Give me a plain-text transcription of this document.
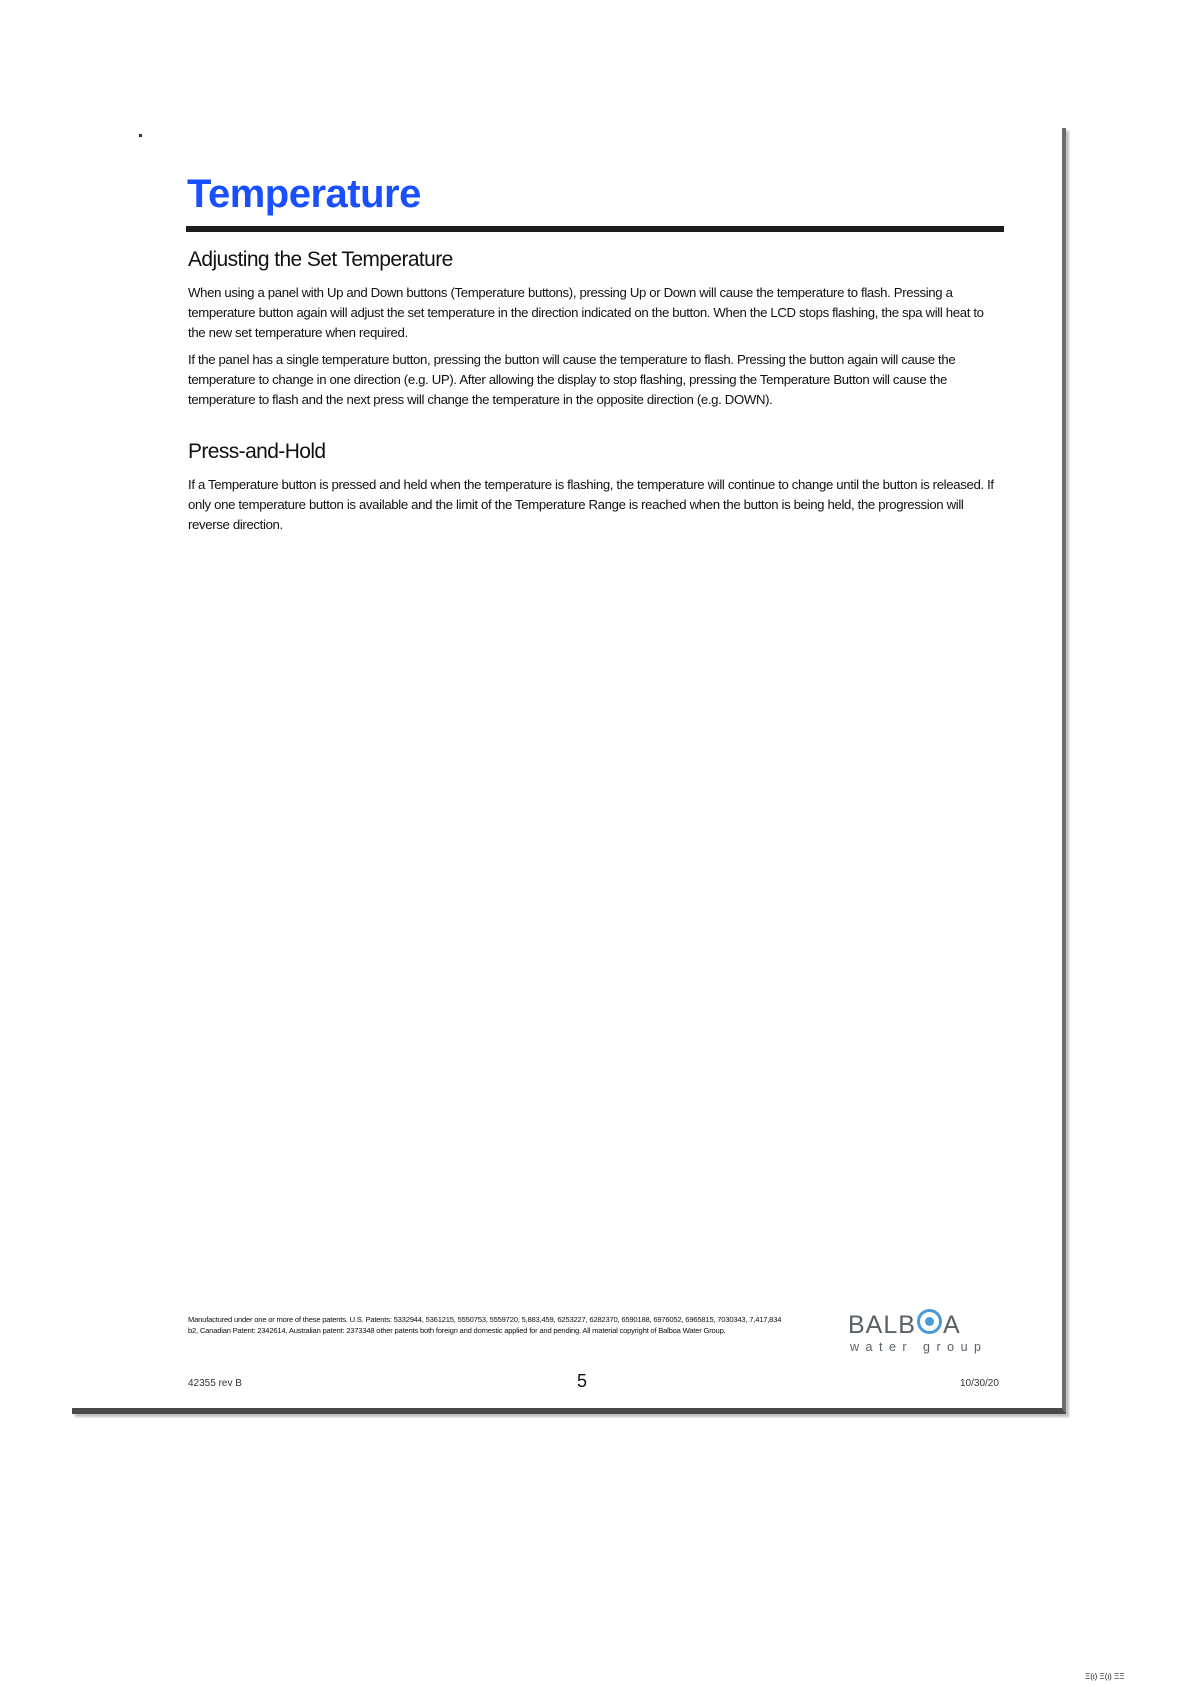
Temperature
Adjusting the Set Temperature

When using a panel with Up and Down buttons (Temperature buttons), pressing Up or Down will cause the temperature to flash. Pressing a temperature button again will adjust the set temperature in the direction indicated on the button. When the LCD stops flashing, the spa will heat to the new set temperature when required.

If the panel has a single temperature button, pressing the button will cause the temperature to flash. Pressing the button again will cause the temperature to change in one direction (e.g. UP). After allowing the display to stop flashing, pressing the Temperature Button will cause the temperature to flash and the next press will change the temperature in the opposite direction (e.g. DOWN).

Press-and-Hold

If a Temperature button is pressed and held when the temperature is flashing, the temperature will continue to change until the button is released. If only one temperature button is available and the limit of the Temperature Range is reached when the button is being held, the progression will reverse direction.

Manufactured under one or more of these patents. U.S. Patents: 5332944, 5361215, 5550753, 5559720, 5,883,459, 6253227, 6282370, 6590188, 6976052, 6965815, 7030343, 7,417,834 b2, Canadian Patent: 2342614, Australian patent: 2373348 other patents both foreign and domestic applied for and pending. All material copyright of Balboa Water Group.	BALB A
water group
42355 rev B	5	10/30/20
Ξ(ι) Ξ(ι) ΞΞ
